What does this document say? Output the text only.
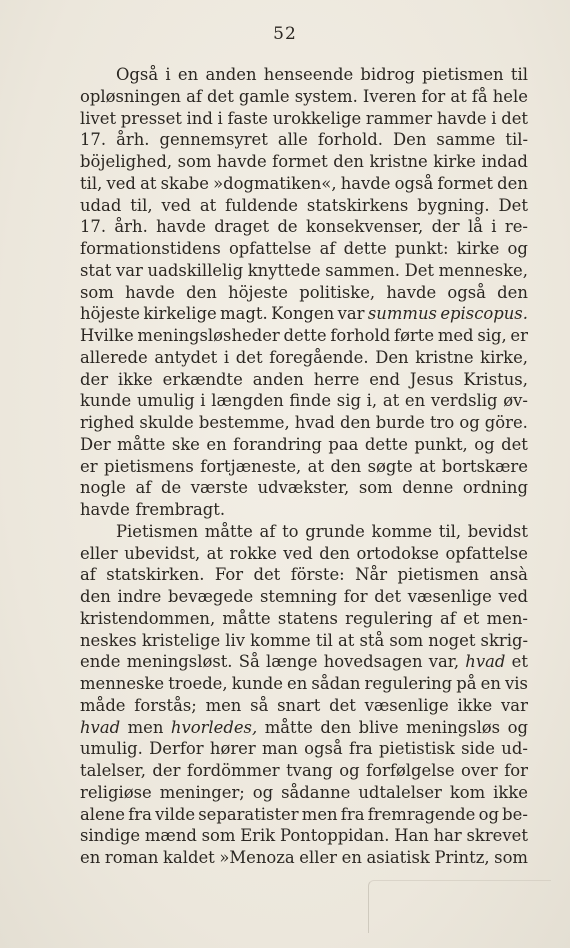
52
Også i en anden henseende bidrog pietismen til
opløsningen af det gamle system. Iveren for at få hele
livet presset ind i faste urokkelige rammer havde i det
17. årh. gennemsyret alle forhold. Den samme til-
böjelighed, som havde formet den kristne kirke indad
til, ved at skabe »dogmatiken«, havde også formet den
udad til, ved at fuldende statskirkens bygning. Det
17. årh. havde draget de konsekvenser, der lå i re-
formationstidens opfattelse af dette punkt: kirke og
stat var uadskillelig knyttede sammen. Det menneske,
som havde den höjeste politiske, havde også den
höjeste kirkelige magt. Kongen var summus episcopus.
Hvilke meningsløsheder dette forhold førte med sig, er
allerede antydet i det foregående. Den kristne kirke,
der ikke erkændte anden herre end Jesus Kristus,
kunde umulig i længden finde sig i, at en verdslig øv-
righed skulde bestemme, hvad den burde tro og göre.
Der måtte ske en forandring paa dette punkt, og det
er pietismens fortjæneste, at den søgte at bortskære
nogle af de værste udvækster, som denne ordning
havde frembragt.
Pietismen måtte af to grunde komme til, bevidst
eller ubevidst, at rokke ved den ortodokse opfattelse
af statskirken. For det förste: Når pietismen ansà
den indre bevægede stemning for det væsenlige ved
kristendommen, måtte statens regulering af et men-
neskes kristelige liv komme til at stå som noget skrig-
ende meningsløst. Så længe hovedsagen var, hvad et
menneske troede, kunde en sådan regulering på en vis
måde forstås; men så snart det væsenlige ikke var
hvad men hvorledes, måtte den blive meningsløs og
umulig. Derfor hører man også fra pietistisk side ud-
talelser, der fordömmer tvang og forfølgelse over for
religiøse meninger; og sådanne udtalelser kom ikke
alene fra vilde separatister men fra fremragende og be-
sindige mænd som Erik Pontoppidan. Han har skrevet
en roman kaldet »Menoza eller en asiatisk Printz, som
